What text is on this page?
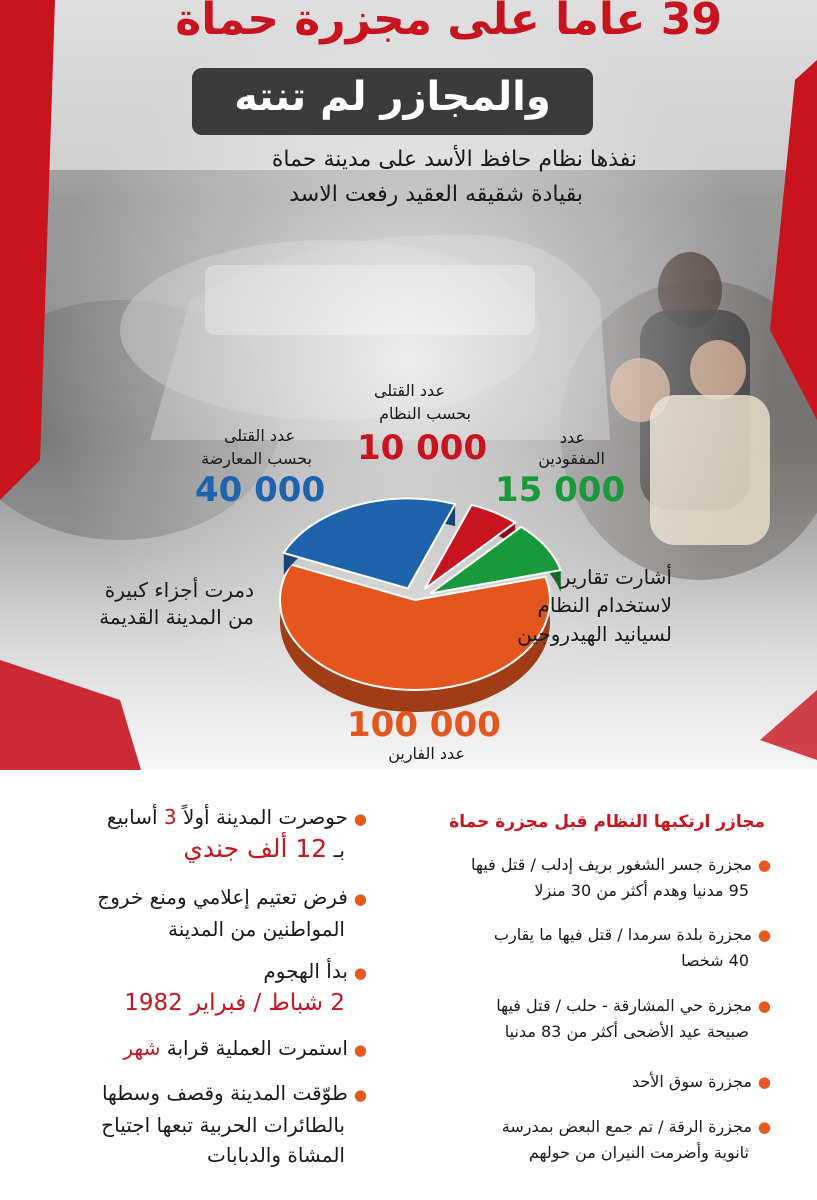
39 عاما على مجزرة حماة
والمجازر لم تنته
نفذها نظام حافظ الأسد على مدينة حماة
بقيادة شقيقه العقيد رفعت الاسد
عدد القتلى
بحسب النظام
10 000
عدد القتلى
بحسب المعارضة
40 000
عدد
المفقودين
15 000
100 000
عدد الفارين
دمرت أجزاء كبيرة
من المدينة القديمة
أشارت تقارير
لاستخدام النظام
لسيانيد الهيدروجين
مجازر ارتكبها النظام قبل مجزرة حماة
●مجزرة جسر الشغور بريف إدلب / قتل فيها
95 مدنيا وهدم أكثر من 30 منزلا
●مجزرة بلدة سرمدا / قتل فيها ما يقارب
40 شخصا
●مجزرة حي المشارقة - حلب / قتل فيها
صبيحة عيد الأضحى أكثر من 83 مدنيا
●مجزرة سوق الأحد
●مجزرة الرقة / تم جمع البعض بمدرسة
ثانوية وأضرمت النيران من حولهم
●حوصرت المدينة أولاً 3 أسابيع
بـ 12 ألف جندي
●فرض تعتيم إعلامي ومنع خروج
المواطنين من المدينة
●بدأ الهجوم
2 شباط / فبراير 1982
●استمرت العملية قرابة شهر
●طوّقت المدينة وقصف وسطها
بالطائرات الحربية تبعها اجتياح
المشاة والدبابات
